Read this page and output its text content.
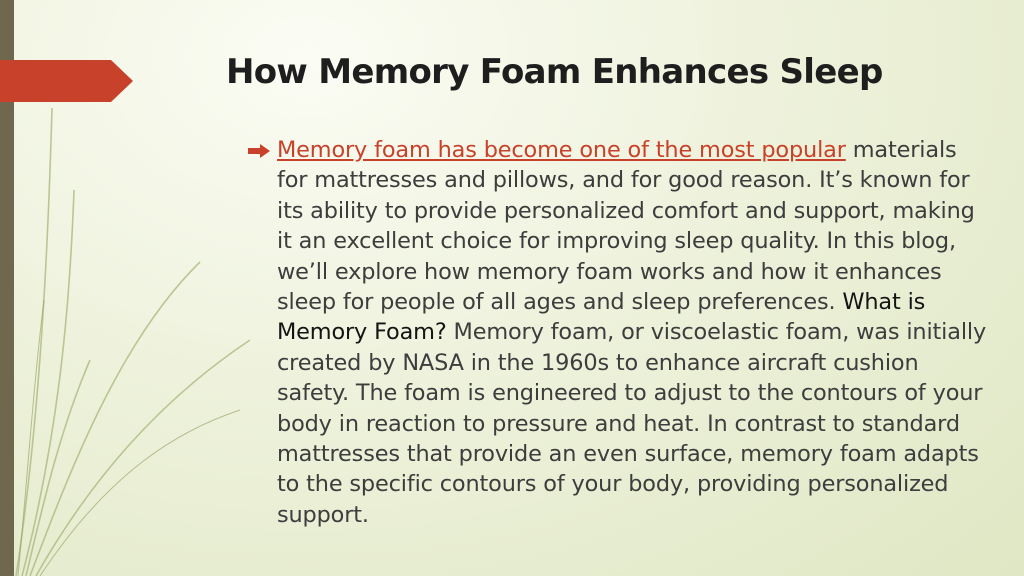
How Memory Foam Enhances Sleep

Memory foam has become one of the most popular materials for mattresses and pillows, and for good reason. It’s known for its ability to provide personalized comfort and support, making it an excellent choice for improving sleep quality. In this blog, we’ll explore how memory foam works and how it enhances sleep for people of all ages and sleep preferences. What is Memory Foam? Memory foam, or viscoelastic foam, was initially created by NASA in the 1960s to enhance aircraft cushion safety. The foam is engineered to adjust to the contours of your body in reaction to pressure and heat. In contrast to standard mattresses that provide an even surface, memory foam adapts to the specific contours of your body, providing personalized support.
